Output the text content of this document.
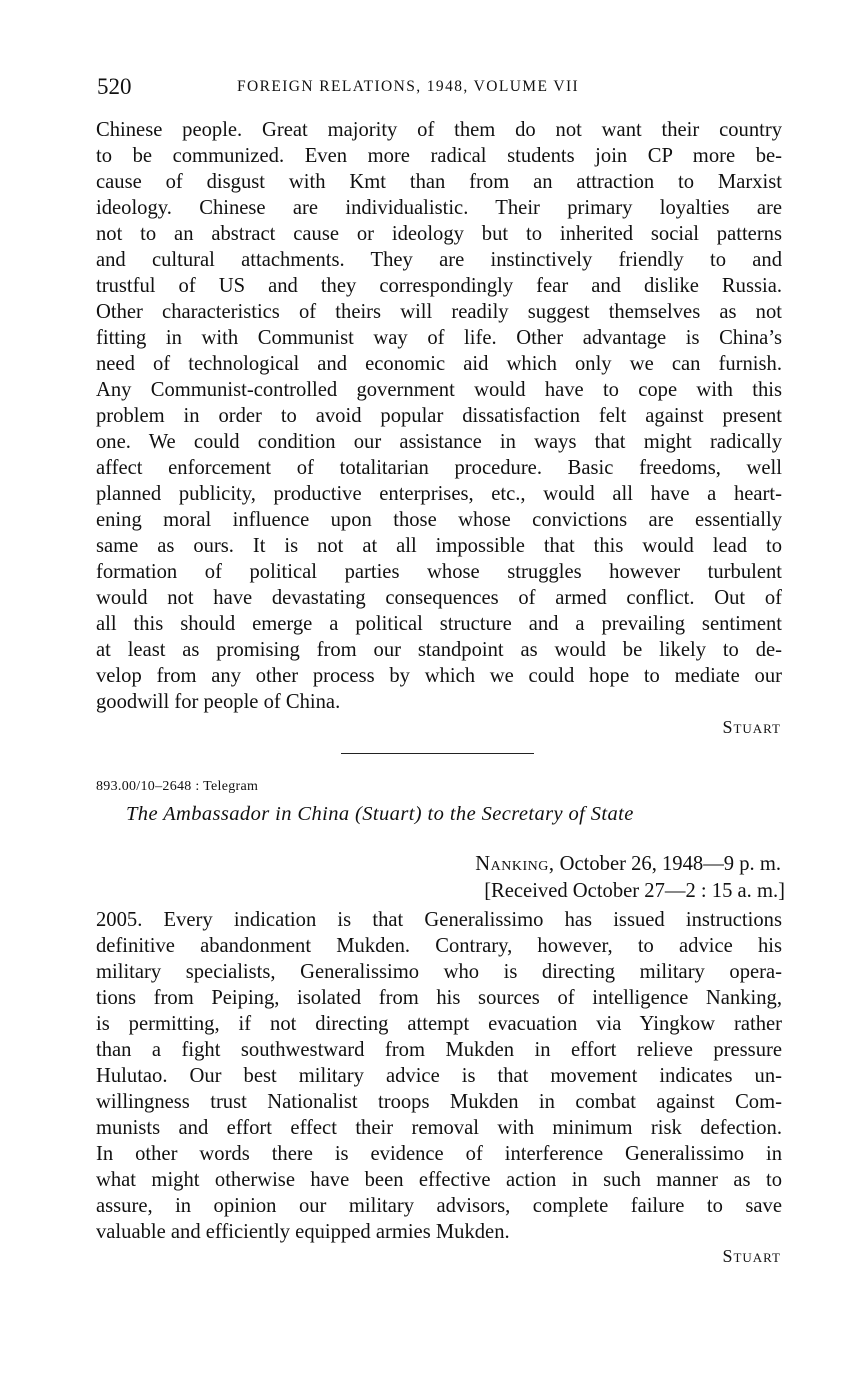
520	FOREIGN RELATIONS, 1948, VOLUME VII
Chinese people. Great majority of them do not want their country
to be communized. Even more radical students join CP more be-
cause of disgust with Kmt than from an attraction to Marxist
ideology. Chinese are individualistic. Their primary loyalties are
not to an abstract cause or ideology but to inherited social patterns
and cultural attachments. They are instinctively friendly to and
trustful of US and they correspondingly fear and dislike Russia.
Other characteristics of theirs will readily suggest themselves as not
fitting in with Communist way of life. Other advantage is China’s
need of technological and economic aid which only we can furnish.
Any Communist-controlled government would have to cope with this
problem in order to avoid popular dissatisfaction felt against present
one. We could condition our assistance in ways that might radically
affect enforcement of totalitarian procedure. Basic freedoms, well
planned publicity, productive enterprises, etc., would all have a heart-
ening moral influence upon those whose convictions are essentially
same as ours. It is not at all impossible that this would lead to
formation of political parties whose struggles however turbulent
would not have devastating consequences of armed conflict. Out of
all this should emerge a political structure and a prevailing sentiment
at least as promising from our standpoint as would be likely to de-
velop from any other process by which we could hope to mediate our
goodwill for people of China.
Stuart
893.00/10–2648 : Telegram
The Ambassador in China (Stuart) to the Secretary of State
Nanking, October 26, 1948—9 p. m.
[Received October 27—2 : 15 a. m.]
2005. Every indication is that Generalissimo has issued instructions
definitive abandonment Mukden. Contrary, however, to advice his
military specialists, Generalissimo who is directing military opera-
tions from Peiping, isolated from his sources of intelligence Nanking,
is permitting, if not directing attempt evacuation via Yingkow rather
than a fight southwestward from Mukden in effort relieve pressure
Hulutao. Our best military advice is that movement indicates un-
willingness trust Nationalist troops Mukden in combat against Com-
munists and effort effect their removal with minimum risk defection.
In other words there is evidence of interference Generalissimo in
what might otherwise have been effective action in such manner as to
assure, in opinion our military advisors, complete failure to save
valuable and efficiently equipped armies Mukden.
Stuart
